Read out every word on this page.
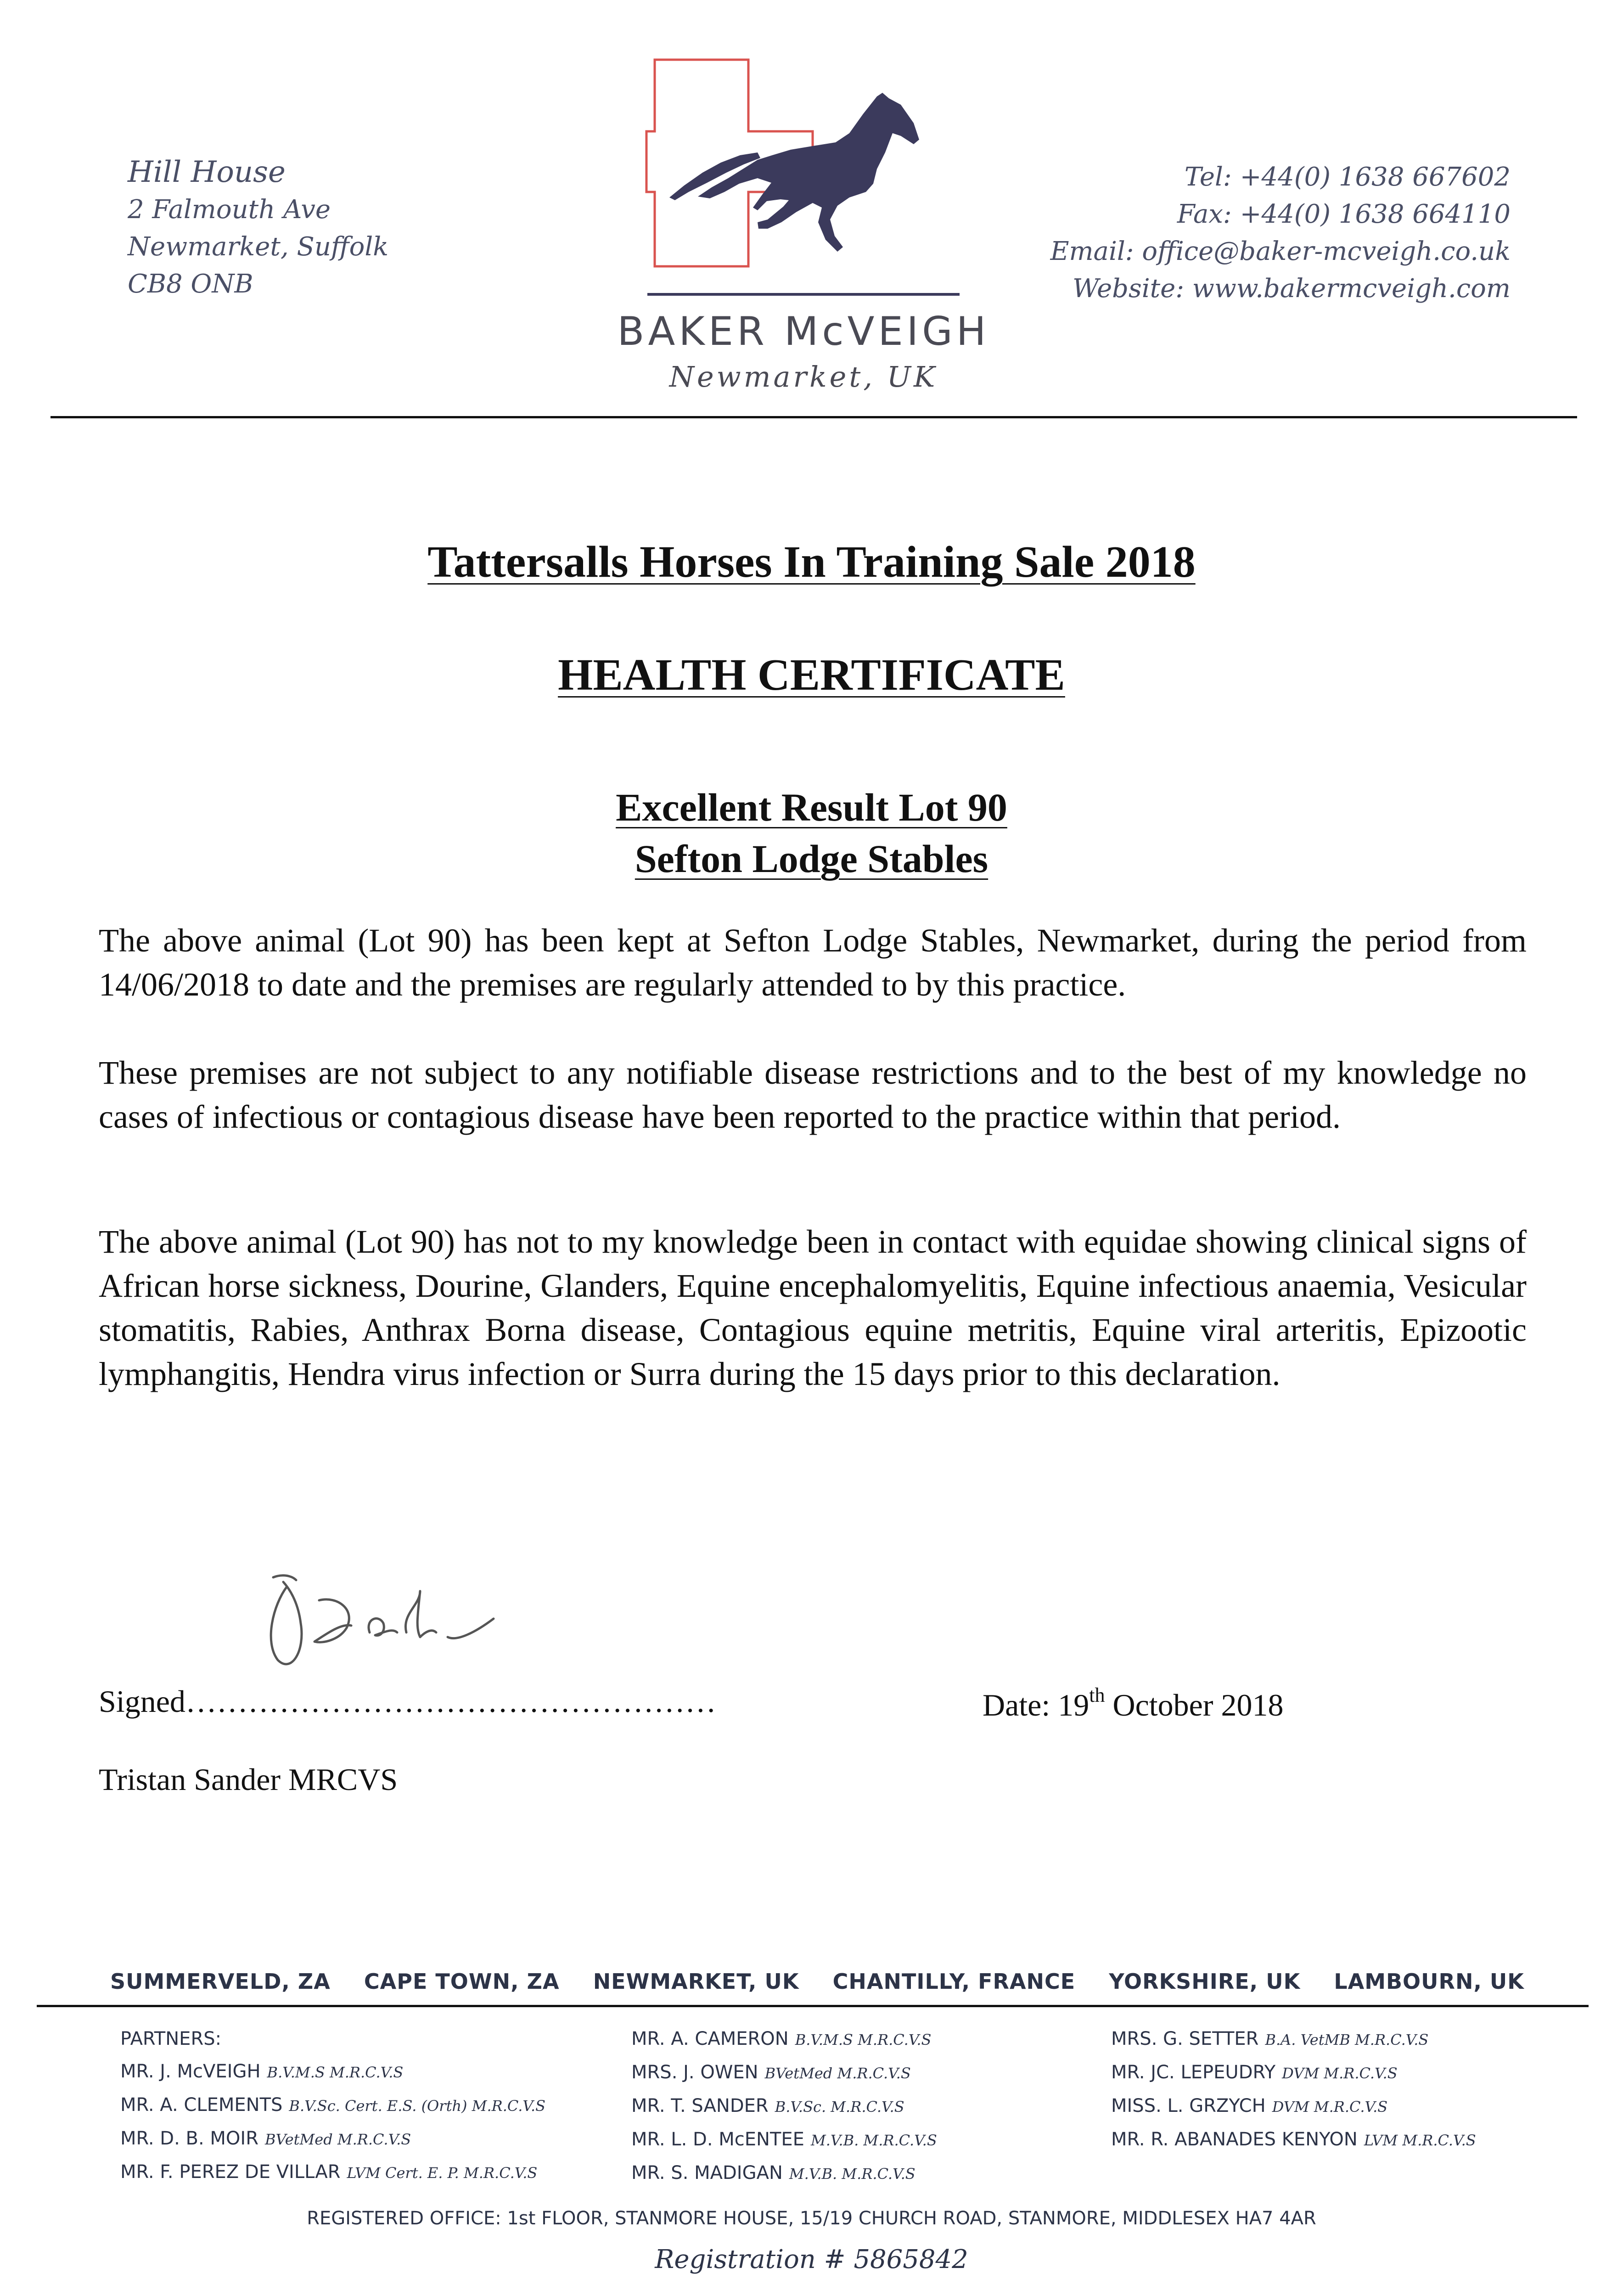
Hill House
2 Falmouth Ave
Newmarket, Suffolk
CB8 ONB
BAKER McVEIGH
Newmarket, UK
Tel: +44(0) 1638 667602
Fax: +44(0) 1638 664110
Email: office@baker-mcveigh.co.uk
Website: www.bakermcveigh.com
Tattersalls Horses In Training Sale 2018
HEALTH CERTIFICATE
Excellent Result Lot 90
Sefton Lodge Stables
The above animal (Lot 90) has been kept at Sefton Lodge Stables, Newmarket, during the period from 14/06/2018 to date and the premises are regularly attended to by this practice.
These premises are not subject to any notifiable disease restrictions and to the best of my knowledge no cases of infectious or contagious disease have been reported to the practice within that period.
The above animal (Lot 90) has not to my knowledge been in contact with equidae showing clinical signs of African horse sickness, Dourine, Glanders, Equine encephalomyelitis, Equine infectious anaemia, Vesicular stomatitis, Rabies, Anthrax Borna disease, Contagious equine metritis, Equine viral arteritis, Epizootic lymphangitis, Hendra virus infection or Surra during the 15 days prior to this declaration.
Signed……………………………………………	Date: 19th October 2018
Tristan Sander MRCVS
SUMMERVELD, ZA CAPE TOWN, ZA NEWMARKET, UK CHANTILLY, FRANCE YORKSHIRE, UK LAMBOURN, UK
PARTNERS:
MR. J. McVEIGH B.V.M.S M.R.C.V.S
MR. A. CLEMENTS B.V.Sc. Cert. E.S. (Orth) M.R.C.V.S
MR. D. B. MOIR BVetMed M.R.C.V.S
MR. F. PEREZ DE VILLAR LVM Cert. E. P. M.R.C.V.S
MR. A. CAMERON B.V.M.S M.R.C.V.S
MRS. J. OWEN BVetMed M.R.C.V.S
MR. T. SANDER B.V.Sc. M.R.C.V.S
MR. L. D. McENTEE M.V.B. M.R.C.V.S
MR. S. MADIGAN M.V.B. M.R.C.V.S
MRS. G. SETTER B.A. VetMB M.R.C.V.S
MR. JC. LEPEUDRY DVM M.R.C.V.S
MISS. L. GRZYCH DVM M.R.C.V.S
MR. R. ABANADES KENYON LVM M.R.C.V.S
REGISTERED OFFICE: 1st FLOOR, STANMORE HOUSE, 15/19 CHURCH ROAD, STANMORE, MIDDLESEX HA7 4AR
Registration # 5865842
